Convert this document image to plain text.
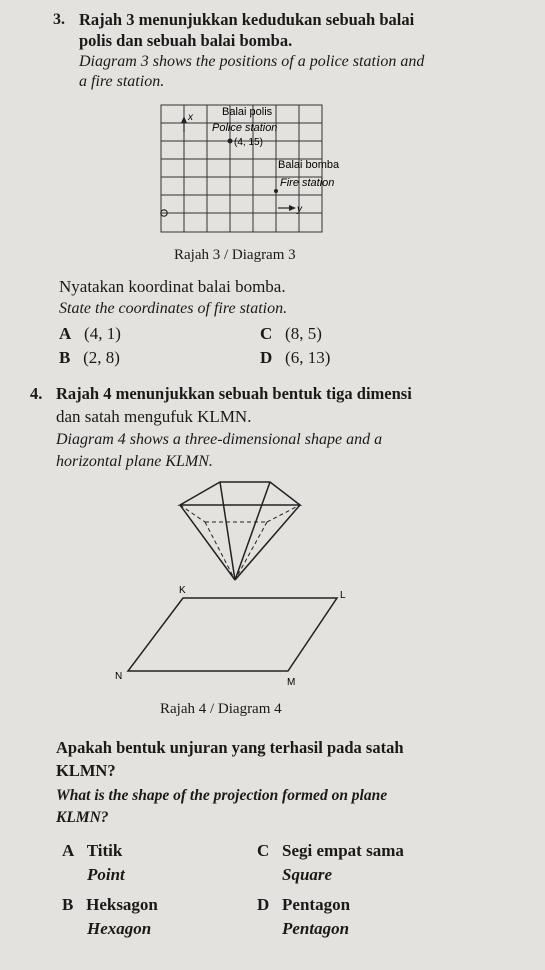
3. Rajah 3 menunjukkan kedudukan sebuah balai
polis dan sebuah balai bomba.
Diagram 3 shows the positions of a police station and
a fire station.
x	Balai polis
Police station
(4, 15)
Balai bomba
Fire station
y
Rajah 3 / Diagram 3
Nyatakan koordinat balai bomba.
State the coordinates of fire station.
A (4, 1)
B (2, 8)
C (8, 5)
D (6, 13)
4. Rajah 4 menunjukkan sebuah bentuk tiga dimensi
dan satah mengufuk KLMN.
Diagram 4 shows a three-dimensional shape and a
horizontal plane KLMN.
K	L
M
N
Rajah 4 / Diagram 4
Apakah bentuk unjuran yang terhasil pada satah
KLMN?
What is the shape of the projection formed on plane
KLMN?
A Titik
Point
B Heksagon
Hexagon
C Segi empat sama
Square
D Pentagon
Pentagon
